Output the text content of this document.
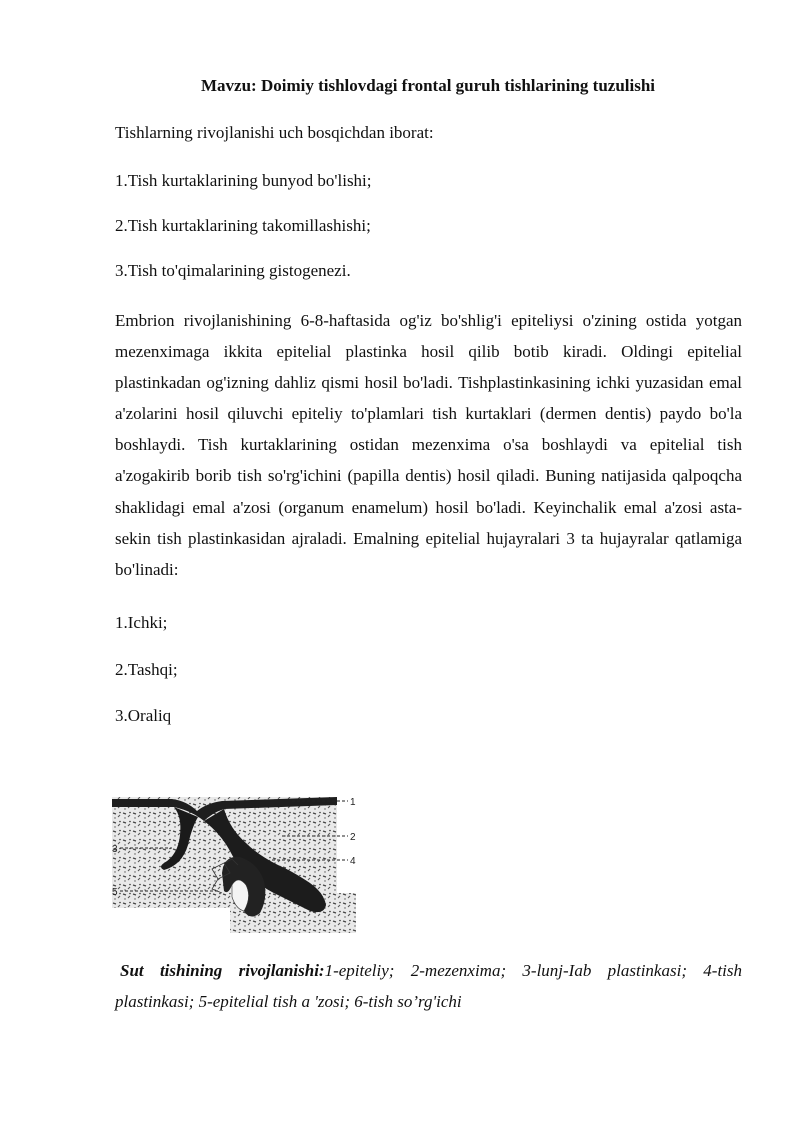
Mavzu: Doimiy tishlovdagi frontal guruh tishlarining tuzulishi
Tishlarning rivojlanishi uch bosqichdan iborat:
1.Tish kurtaklarining bunyod bo'lishi;
2.Tish kurtaklarining takomillashishi;
3.Tish to'qimalarining gistogenezi.
Embrion rivojlanishining 6-8-haftasida og'iz bo'shlig'i epiteliysi o'zining ostida yotgan mezenximaga ikkita epitelial plastinka hosil qilib botib kiradi. Oldingi epitelial plastinkadan og'izning dahliz qismi hosil bo'ladi. Tishplastinkasining ichki yuzasidan emal a'zolarini hosil qiluvchi epiteliy to'plamlari tish kurtaklari (dermen dentis) paydo bo'la boshlaydi. Tish kurtaklarining ostidan mezenxima o'sa boshlaydi va epitelial tish a'zogakirib borib tish so'rg'ichini (papilla dentis) hosil qiladi. Buning natijasida qalpoqcha shaklidagi emal a'zosi (organum enamelum) hosil bo'ladi. Keyinchalik emal a'zosi asta-sekin tish plastinkasidan ajraladi. Emalning epitelial hujayralari 3 ta hujayralar qatlamiga bo'linadi:
1.Ichki;
2.Tashqi;
3.Oraliq
1
2
4
3
5
Sut tishining rivojlanishi:1-epiteliy; 2-mezenxima; 3-lunj-Iab plastinkasi; 4-tish plastinkasi; 5-epitelial tish a 'zosi; 6-tish so’rg'ichi
